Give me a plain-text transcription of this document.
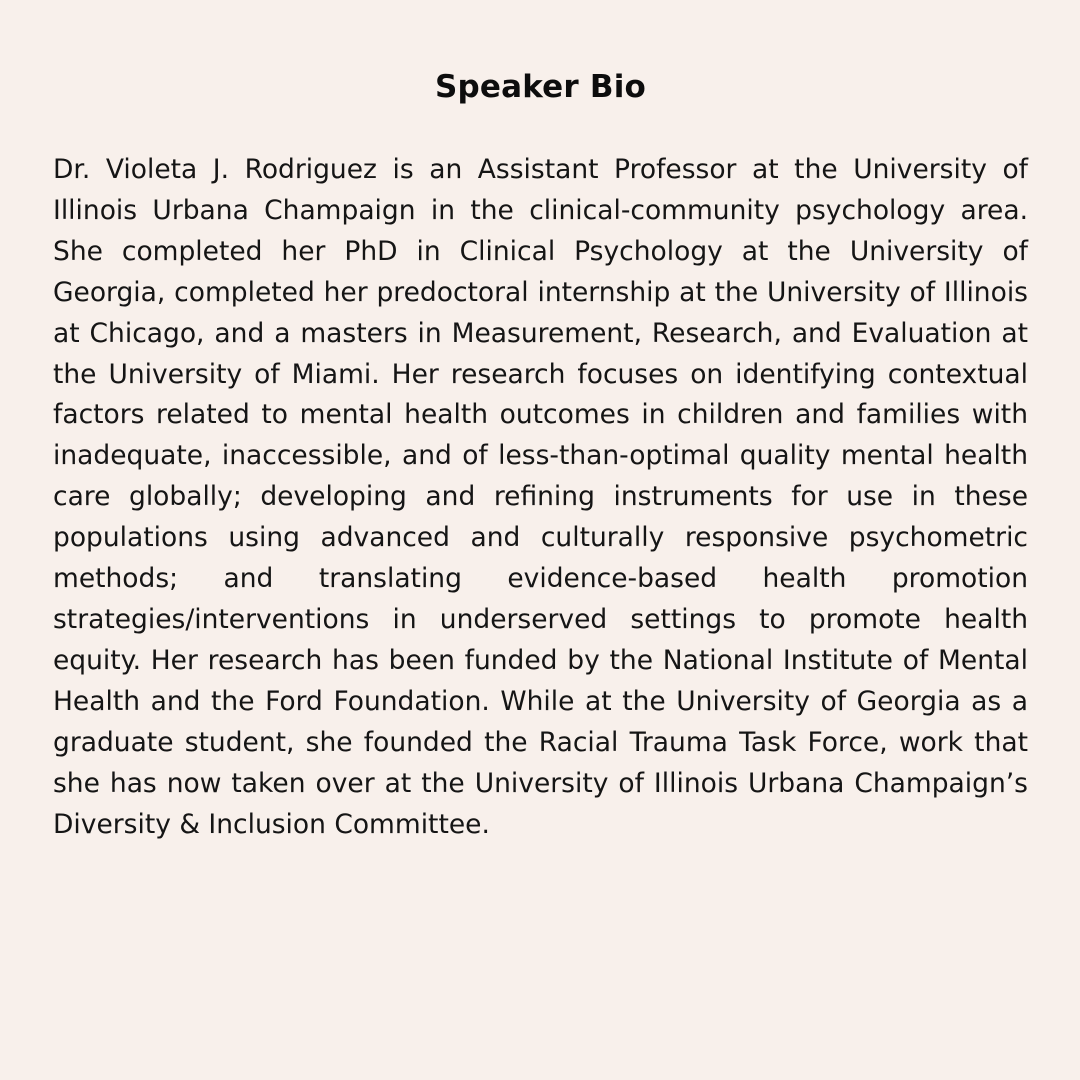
Speaker Bio

Dr. Violeta J. Rodriguez is an Assistant Professor at the University of Illinois Urbana Champaign in the clinical-community psychology area. She completed her PhD in Clinical Psychology at the University of Georgia, completed her predoctoral internship at the University of Illinois at Chicago, and a masters in Measurement, Research, and Evaluation at the University of Miami. Her research focuses on identifying contextual factors related to mental health outcomes in children and families with inadequate, inaccessible, and of less-than-optimal quality mental health care globally; developing and refining instruments for use in these populations using advanced and culturally responsive psychometric methods; and translating evidence-based health promotion strategies/interventions in underserved settings to promote health equity. Her research has been funded by the National Institute of Mental Health and the Ford Foundation. While at the University of Georgia as a graduate student, she founded the Racial Trauma Task Force, work that she has now taken over at the University of Illinois Urbana Champaign’s Diversity & Inclusion Committee.
